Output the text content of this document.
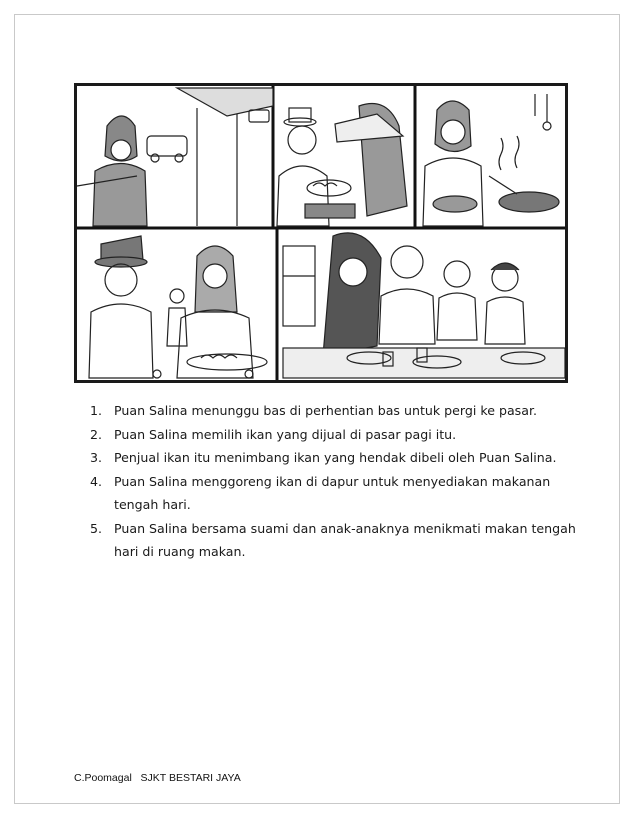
1. Puan Salina menunggu bas di perhentian bas untuk pergi ke pasar.
2. Puan Salina memilih ikan yang dijual di pasar pagi itu.
3. Penjual ikan itu menimbang ikan yang hendak dibeli oleh Puan Salina.
4. Puan Salina menggoreng ikan di dapur untuk menyediakan makanan tengah hari.
5. Puan Salina bersama suami dan anak-anaknya menikmati makan tengah hari di ruang makan.
C.Poomagal SJKT BESTARI JAYA
